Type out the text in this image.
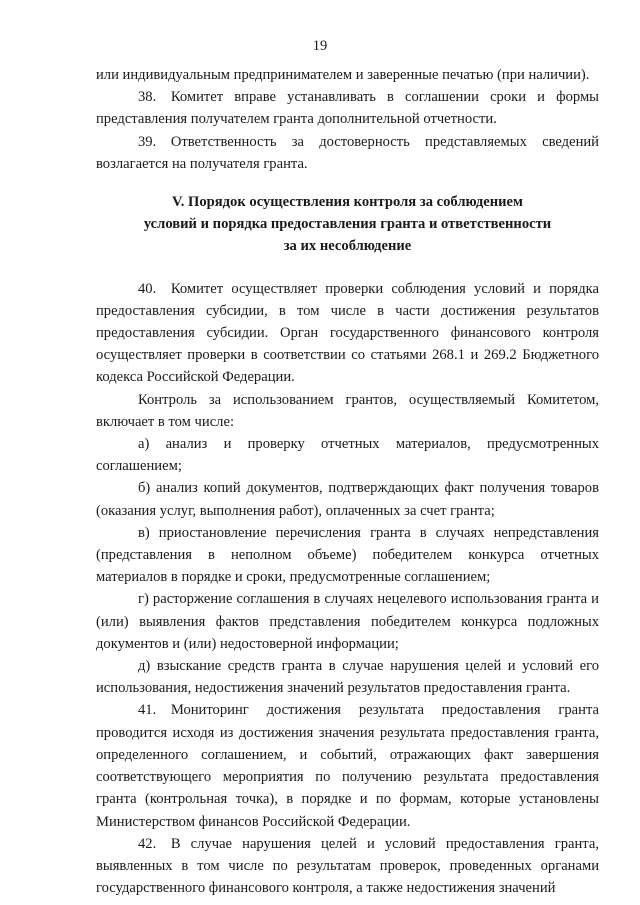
19

или индивидуальным предпринимателем и заверенные печатью (при наличии).

38. Комитет вправе устанавливать в соглашении сроки и формы представления получателем гранта дополнительной отчетности.

39. Ответственность за достоверность представляемых сведений возлагается на получателя гранта.

V. Порядок осуществления контроля за соблюдением
условий и порядка предоставления гранта и ответственности
за их несоблюдение

40. Комитет осуществляет проверки соблюдения условий и порядка предоставления субсидии, в том числе в части достижения результатов предоставления субсидии. Орган государственного финансового контроля осуществляет проверки в соответствии со статьями 268.1 и 269.2 Бюджетного кодекса Российской Федерации.

Контроль за использованием грантов, осуществляемый Комитетом, включает в том числе:

а) анализ и проверку отчетных материалов, предусмотренных соглашением;

б) анализ копий документов, подтверждающих факт получения товаров (оказания услуг, выполнения работ), оплаченных за счет гранта;

в) приостановление перечисления гранта в случаях непредставления (представления в неполном объеме) победителем конкурса отчетных материалов в порядке и сроки, предусмотренные соглашением;

г) расторжение соглашения в случаях нецелевого использования гранта и (или) выявления фактов представления победителем конкурса подложных документов и (или) недостоверной информации;

д) взыскание средств гранта в случае нарушения целей и условий его использования, недостижения значений результатов предоставления гранта.

41. Мониторинг достижения результата предоставления гранта проводится исходя из достижения значения результата предоставления гранта, определенного соглашением, и событий, отражающих факт завершения соответствующего мероприятия по получению результата предоставления гранта (контрольная точка), в порядке и по формам, которые установлены Министерством финансов Российской Федерации.

42. В случае нарушения целей и условий предоставления гранта, выявленных в том числе по результатам проверок, проведенных органами государственного финансового контроля, а также недостижения значений
